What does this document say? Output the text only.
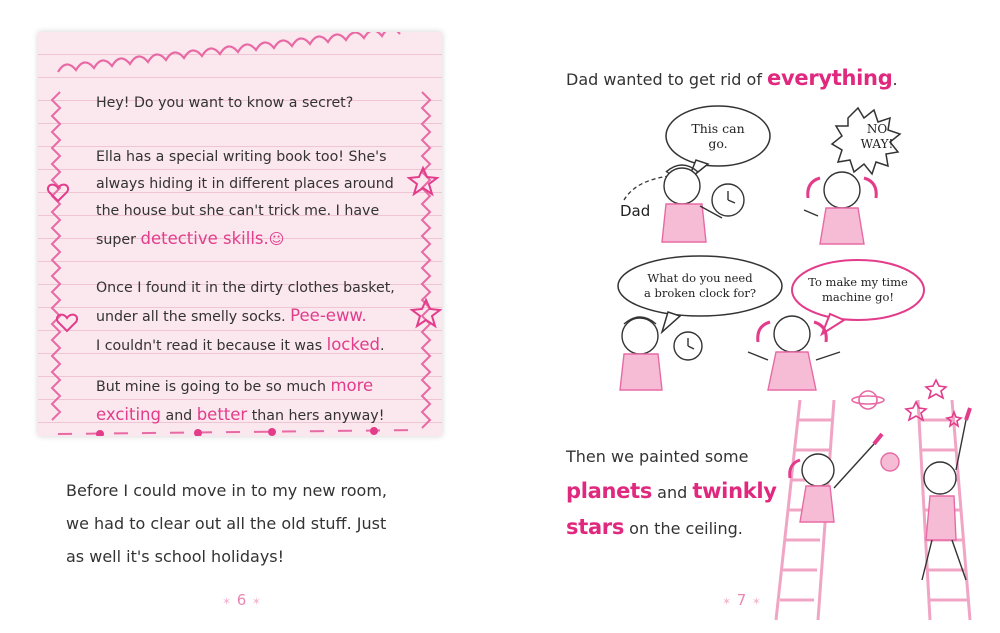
Hey! Do you want to know a secret?

Ella has a special writing book too! She's
always hiding it in different places around
the house but she can't trick me. I have
super detective skills.☺

Once I found it in the dirty clothes basket,
under all the smelly socks. Pee-eww.
I couldn't read it because it was locked.

But mine is going to be so much more
exciting and better than hers anyway!

Before I could move in to my new room,
we had to clear out all the old stuff. Just
as well it's school holidays!

✶ 6 ✶

Dad wanted to get rid of everything.

This can
go.
NO
WAY!
What do you need
a broken clock for?
To make my time
machine go!
Dad

Then we painted some
planets and twinkly
stars on the ceiling.

✶ 7 ✶
